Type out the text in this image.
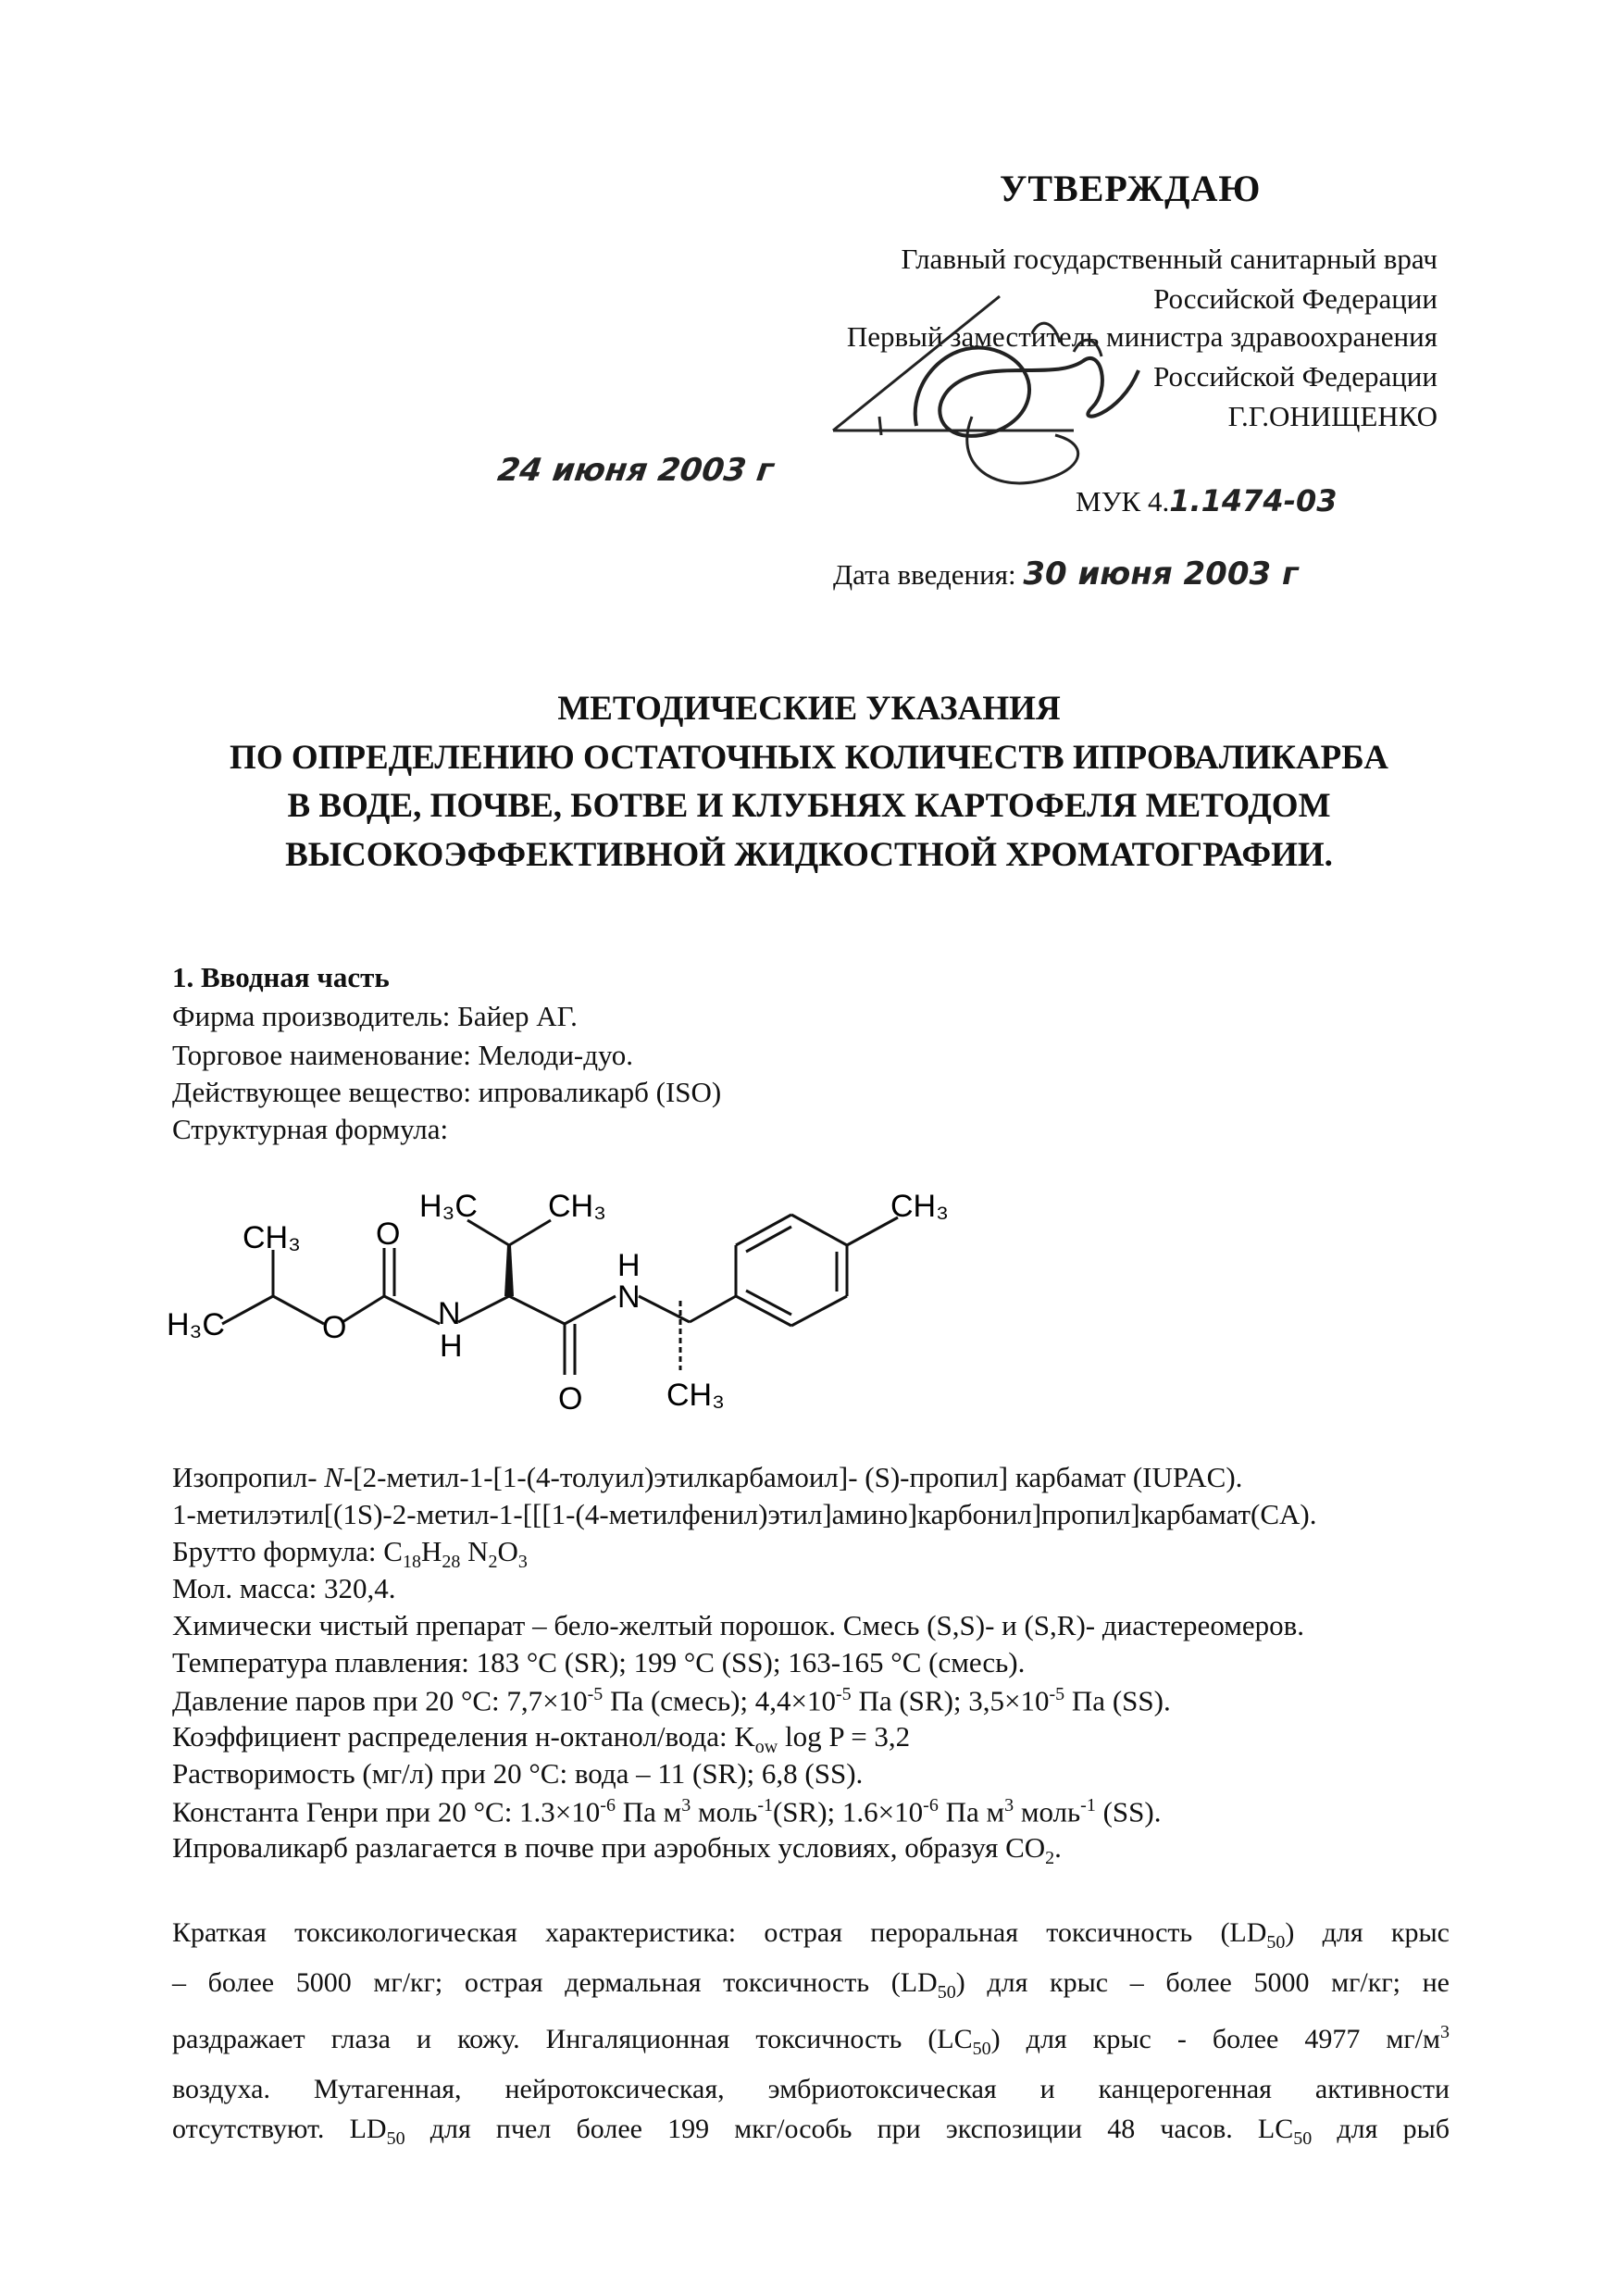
УТВЕРЖДАЮ
Главный государственный санитарный врач
Российской Федерации
Первый заместитель министра здравоохранения
Российской Федерации
Г.Г.ОНИЩЕНКО
24 июня 2003 г
МУК 4.1.1474-03
Дата введения: 30 июня 2003 г
МЕТОДИЧЕСКИЕ УКАЗАНИЯ
ПО ОПРЕДЕЛЕНИЮ ОСТАТОЧНЫХ КОЛИЧЕСТВ ИПРОВАЛИКАРБА
В ВОДЕ, ПОЧВЕ, БОТВЕ И КЛУБНЯХ КАРТОФЕЛЯ МЕТОДОМ
ВЫСОКОЭФФЕКТИВНОЙ ЖИДКОСТНОЙ ХРОМАТОГРАФИИ.
1. Вводная часть
Фирма производитель: Байер АГ.
Торговое наименование: Мелоди-дуо.
Действующее вещество: ипроваликарб (ISO)
Структурная формула:
H₃C
CH₃
O
O
N
H
H₃C CH₃
O
H
N
CH₃
CH₃
Изопропил- N-[2-метил-1-[1-(4-толуил)этилкарбамоил]- (S)-пропил] карбамат (IUPAC).
1-метилэтил[(1S)-2-метил-1-[[[1-(4-метилфенил)этил]амино]карбонил]пропил]карбамат(CA).
Брутто формула: $C_{18}H_{28}$ $N_2O_3$
Мол. масса: 320,4.
Химически чистый препарат – бело-желтый порошок. Смесь (S,S)- и (S,R)- диастереомеров.
Температура плавления: 183 °С (SR); 199 °С (SS); 163-165 °С (смесь).
Давление паров при 20 °С: $7,7\times 10^{-5}$ Па (смесь); $4,4\times 10^{-5}$ Па (SR); $3,5\times 10^{-5}$ Па (SS).
Коэффициент распределения н-октанол/вода: $K_{ow}$ log P = 3,2
Растворимость (мг/л) при 20 °С: вода – 11 (SR); 6,8 (SS).
Константа Генри при 20 °С: $1.3\times 10^{-6}$ Па $м^3$ моль$^{-1}$(SR); $1.6\times 10^{-6}$ Па $м^3$ моль$^{-1}$ (SS).
Ипроваликарб разлагается в почве при аэробных условиях, образуя $CO_2$.
Краткая токсикологическая характеристика: острая пероральная токсичность $(LD_{50})$ для крыс
– более 5000 мг/кг; острая дермальная токсичность $(LD_{50})$ для крыс – более 5000 мг/кг; не
раздражает глаза и кожу. Ингаляционная токсичность $(LC_{50})$ для крыс - более 4977 $мг/м^3$
воздуха. Мутагенная, нейротоксическая, эмбриотоксическая и канцерогенная активности
отсутствуют. $LD_{50}$ для пчел более 199 мкг/особь при экспозиции 48 часов. $LC_{50}$ для рыб
